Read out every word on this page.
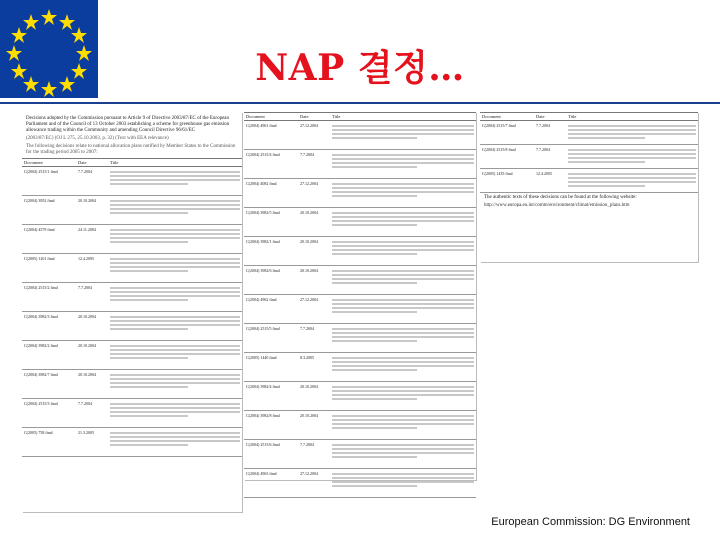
NAP 결정…
Decisions adopted by the Commission pursuant to Article 9 of Directive 2003/87/EC of the European Parliament and of the Council of 13 October 2003 establishing a scheme for greenhouse gas emission allowance trading within the Community and amending Council Directive 96/61/EC
(2003/87/EC) (OJ L 275, 25.10.2003, p. 32) (Text with EEA relevance)
The following decisions relate to national allocation plans notified by Member States to the Commission for the trading period 2005 to 2007:
Document	Date	Title
C(2004) 2515/1 final	7.7.2004	

C(2004) 3952 final	20.10.2004	

C(2004) 4579 final	24.11.2004	

C(2005) 1261 final	12.4.2005	

C(2004) 2515/2 final	7.7.2004	

C(2004) 3982/3 final	20.10.2004	

C(2004) 3982/2 final	20.10.2004	

C(2004) 3982/7 final	20.10.2004	

C(2004) 2515/3 final	7.7.2004	

C(2005) 758 final	21.3.2005	
Document	Date	Title
C(2004) 4961 final	27.12.2004	

C(2004) 2515/4 final	7.7.2004	

C(2004) 4082 final	27.12.2004	

C(2004) 3982/5 final	20.10.2004	

C(2004) 3982/1 final	20.10.2004	

C(2004) 3982/6 final	20.10.2004	

C(2004) 4962 final	27.12.2004	

C(2004) 2515/5 final	7.7.2004	

C(2005) 1440 final	8.3.2005	

C(2004) 3982/4 final	20.10.2004	

C(2004) 3982/8 final	20.10.2004	

C(2004) 2515/6 final	7.7.2004	

C(2004) 4963 final	27.12.2004	
Document	Date	Title
C(2004) 2515/7 final	7.7.2004	

C(2004) 2515/8 final	7.7.2004	

C(2005) 1435 final	12.4.2005	
The authentic texts of these decisions can be found at the following website:
http://www.europa.eu.int/comm/environment/climat/emission_plans.htm
European Commission: DG Environment
